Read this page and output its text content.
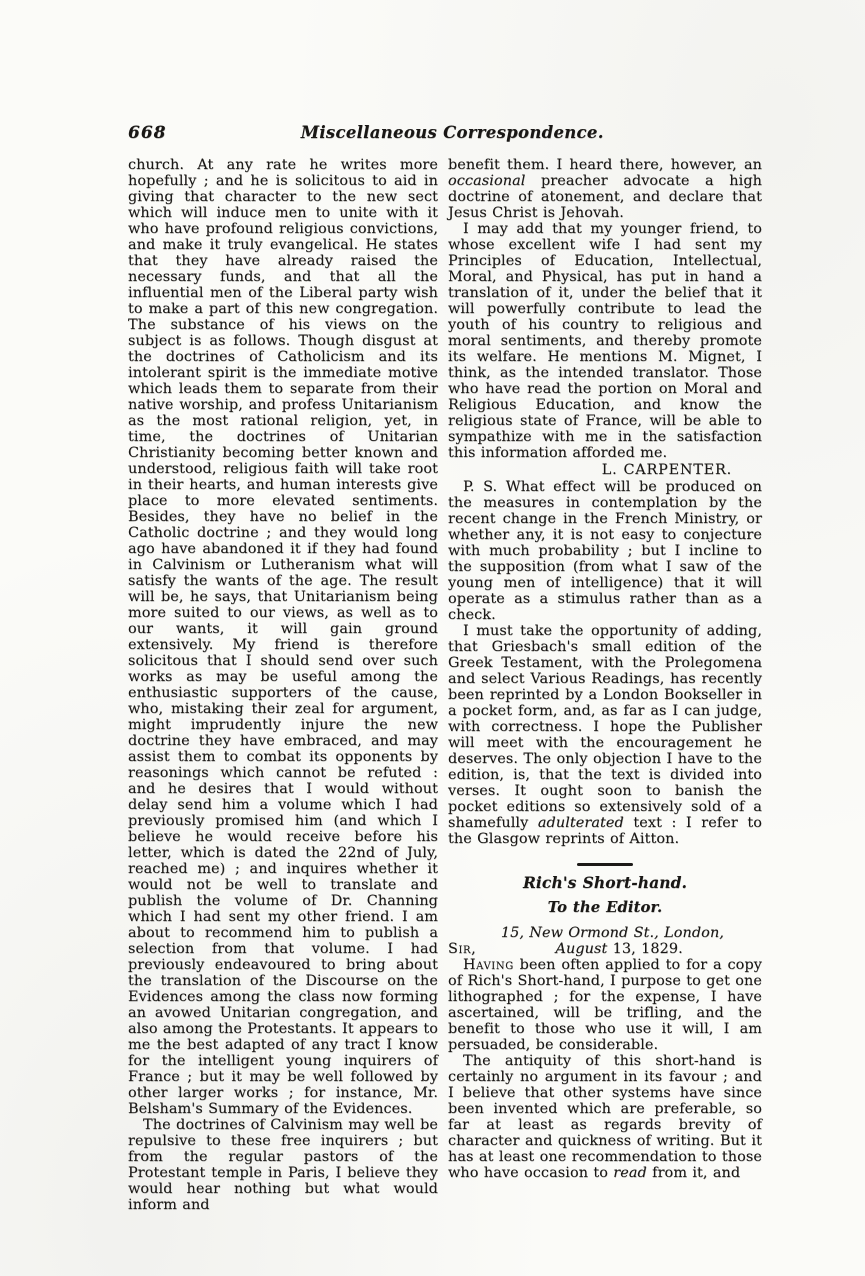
668	Miscellaneous Correspondence.

church. At any rate he writes more hopefully ; and he is solicitous to aid in giving that character to the new sect which will induce men to unite with it who have profound religious convictions, and make it truly evangelical. He states that they have already raised the necessary funds, and that all the influential men of the Liberal party wish to make a part of this new congregation. The substance of his views on the subject is as follows. Though disgust at the doctrines of Catholicism and its intolerant spirit is the immediate motive which leads them to separate from their native worship, and profess Unitarianism as the most rational religion, yet, in time, the doctrines of Unitarian Christianity becoming better known and understood, religious faith will take root in their hearts, and human interests give place to more elevated sentiments. Besides, they have no belief in the Catholic doctrine ; and they would long ago have abandoned it if they had found in Calvinism or Lutheranism what will satisfy the wants of the age. The result will be, he says, that Unitarianism being more suited to our views, as well as to our wants, it will gain ground extensively. My friend is therefore solicitous that I should send over such works as may be useful among the enthusiastic supporters of the cause, who, mistaking their zeal for argument, might imprudently injure the new doctrine they have embraced, and may assist them to combat its opponents by reasonings which cannot be refuted : and he desires that I would without delay send him a volume which I had previously promised him (and which I believe he would receive before his letter, which is dated the 22nd of July, reached me) ; and inquires whether it would not be well to translate and publish the volume of Dr. Channing which I had sent my other friend. I am about to recommend him to publish a selection from that volume. I had previously endeavoured to bring about the translation of the Discourse on the Evidences among the class now forming an avowed Unitarian congregation, and also among the Protestants. It appears to me the best adapted of any tract I know for the intelligent young inquirers of France ; but it may be well followed by other larger works ; for instance, Mr. Belsham's Summary of the Evidences.

The doctrines of Calvinism may well be repulsive to these free inquirers ; but from the regular pastors of the Protestant temple in Paris, I believe they would hear nothing but what would inform and

benefit them. I heard there, however, an occasional preacher advocate a high doctrine of atonement, and declare that Jesus Christ is Jehovah.

I may add that my younger friend, to whose excellent wife I had sent my Principles of Education, Intellectual, Moral, and Physical, has put in hand a translation of it, under the belief that it will powerfully contribute to lead the youth of his country to religious and moral sentiments, and thereby promote its welfare. He mentions M. Mignet, I think, as the intended translator. Those who have read the portion on Moral and Religious Education, and know the religious state of France, will be able to sympathize with me in the satisfaction this information afforded me.

L. CARPENTER.

P. S. What effect will be produced on the measures in contemplation by the recent change in the French Ministry, or whether any, it is not easy to conjecture with much probability ; but I incline to the supposition (from what I saw of the young men of intelligence) that it will operate as a stimulus rather than as a check.

I must take the opportunity of adding, that Griesbach's small edition of the Greek Testament, with the Prolegomena and select Various Readings, has recently been reprinted by a London Bookseller in a pocket form, and, as far as I can judge, with correctness. I hope the Publisher will meet with the encouragement he deserves. The only objection I have to the edition, is, that the text is divided into verses. It ought soon to banish the pocket editions so extensively sold of a shamefully adulterated text : I refer to the Glasgow reprints of Aitton.

Rich's Short-hand.
To the Editor.
15, New Ormond St., London,
Sir,	August 13, 1829.

Having been often applied to for a copy of Rich's Short-hand, I purpose to get one lithographed ; for the expense, I have ascertained, will be trifling, and the benefit to those who use it will, I am persuaded, be considerable.

The antiquity of this short-hand is certainly no argument in its favour ; and I believe that other systems have since been invented which are preferable, so far at least as regards brevity of character and quickness of writing. But it has at least one recommendation to those who have occasion to read from it, and
